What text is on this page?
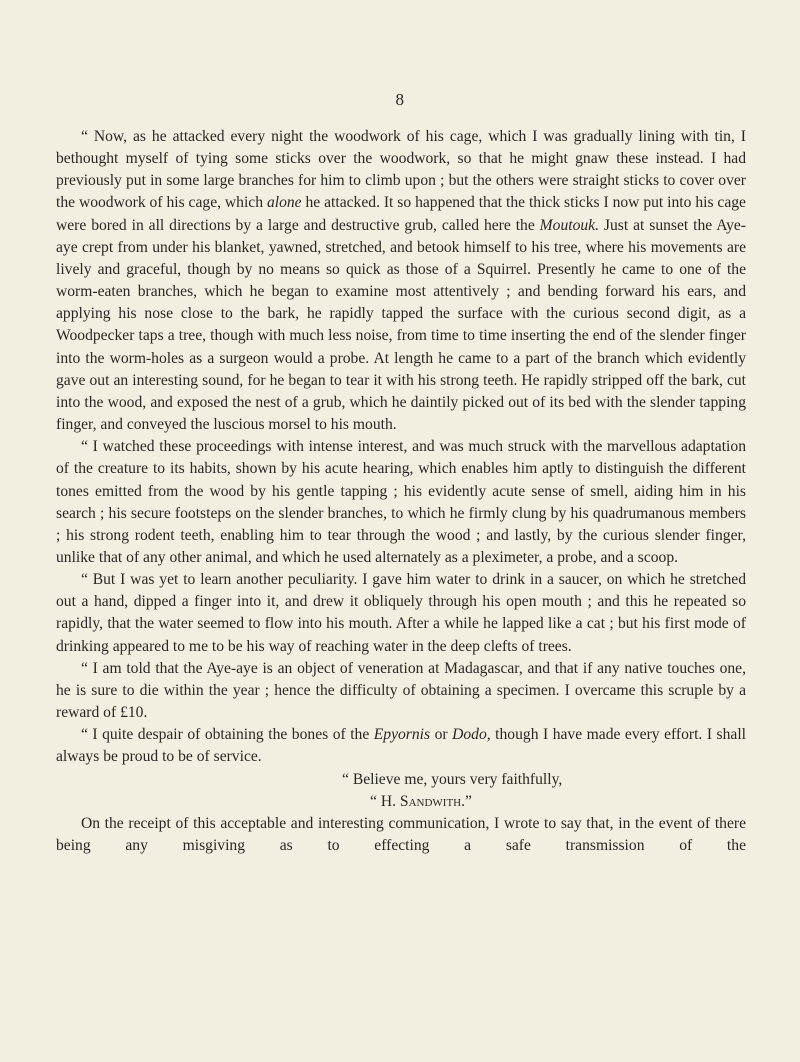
8

“ Now, as he attacked every night the woodwork of his cage, which I was gradually lining with tin, I bethought myself of tying some sticks over the woodwork, so that he might gnaw these instead. I had previously put in some large branches for him to climb upon ; but the others were straight sticks to cover over the woodwork of his cage, which alone he attacked. It so happened that the thick sticks I now put into his cage were bored in all directions by a large and destructive grub, called here the Moutouk. Just at sunset the Aye-aye crept from under his blanket, yawned, stretched, and betook himself to his tree, where his movements are lively and graceful, though by no means so quick as those of a Squirrel. Presently he came to one of the worm-eaten branches, which he began to examine most attentively ; and bending forward his ears, and applying his nose close to the bark, he rapidly tapped the surface with the curious second digit, as a Woodpecker taps a tree, though with much less noise, from time to time inserting the end of the slender finger into the worm-holes as a surgeon would a probe. At length he came to a part of the branch which evidently gave out an interesting sound, for he began to tear it with his strong teeth. He rapidly stripped off the bark, cut into the wood, and exposed the nest of a grub, which he daintily picked out of its bed with the slender tapping finger, and conveyed the luscious morsel to his mouth.

“ I watched these proceedings with intense interest, and was much struck with the marvellous adaptation of the creature to its habits, shown by his acute hearing, which enables him aptly to distinguish the different tones emitted from the wood by his gentle tapping ; his evidently acute sense of smell, aiding him in his search ; his secure footsteps on the slender branches, to which he firmly clung by his quadrumanous members ; his strong rodent teeth, enabling him to tear through the wood ; and lastly, by the curious slender finger, unlike that of any other animal, and which he used alternately as a pleximeter, a probe, and a scoop.

“ But I was yet to learn another peculiarity. I gave him water to drink in a saucer, on which he stretched out a hand, dipped a finger into it, and drew it obliquely through his open mouth ; and this he repeated so rapidly, that the water seemed to flow into his mouth. After a while he lapped like a cat ; but his first mode of drinking appeared to me to be his way of reaching water in the deep clefts of trees.

“ I am told that the Aye-aye is an object of veneration at Madagascar, and that if any native touches one, he is sure to die within the year ; hence the difficulty of obtaining a specimen. I overcame this scruple by a reward of £10.

“ I quite despair of obtaining the bones of the Epyornis or Dodo, though I have made every effort. I shall always be proud to be of service.

“ Believe me, yours very faithfully,
“ H. Sandwith.”

On the receipt of this acceptable and interesting communication, I wrote to say that, in the event of there being any misgiving as to effecting a safe transmission of the
